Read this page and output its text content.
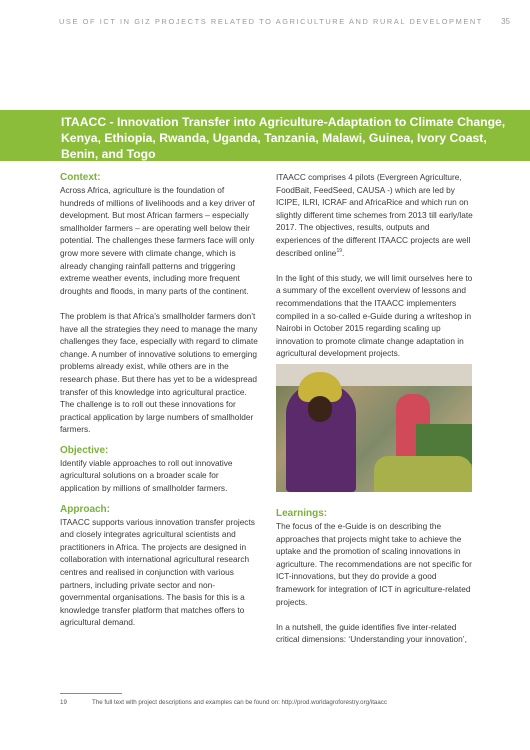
USE OF ICT IN GIZ PROJECTS RELATED TO AGRICULTURE AND RURAL DEVELOPMENT 35
ITAACC - Innovation Transfer into Agriculture-Adaptation to Climate Change, Kenya, Ethiopia, Rwanda, Uganda, Tanzania, Malawi, Guinea, Ivory Coast, Benin, and Togo
Context:

Across Africa, agriculture is the foundation of hundreds of millions of livelihoods and a key driver of development. But most African farmers – especially smallholder farmers – are operating well below their potential. The challenges these farmers face will only grow more severe with climate change, which is already changing rainfall patterns and triggering extreme weather events, including more frequent droughts and floods, in many parts of the continent.

The problem is that Africa’s smallholder farmers don’t have all the strategies they need to manage the many challenges they face, especially with regard to climate change. A number of innovative solutions to emerging problems already exist, while others are in the research phase. But there has yet to be a widespread transfer of this knowledge into agricultural practice. The challenge is to roll out these innovations for practical application by large numbers of smallholder farmers.

Objective:

Identify viable approaches to roll out innovative agricultural solutions on a broader scale for application by millions of smallholder farmers.

Approach:

ITAACC supports various innovation transfer projects and closely integrates agricultural scientists and practitioners in Africa. The projects are designed in collaboration with international agricultural research centres and realised in conjunction with various partners, including private sector and non-governmental organisations. The basis for this is a knowledge transfer platform that matches offers to agricultural demand.

ITAACC comprises 4 pilots (Evergreen Agriculture, FoodBait, FeedSeed, CAUSA -) which are led by ICIPE, ILRI, ICRAF and AfricaRice and which run on slightly different time schemes from 2013 till early/late 2017. The objectives, results, outputs and experiences of the different ITAACC projects are well described online$^{19}$.

In the light of this study, we will limit ourselves here to a summary of the excellent overview of lessons and recommendations that the ITAACC implementers compiled in a so-called e-Guide during a writeshop in Nairobi in October 2015 regarding scaling up innovation to promote climate change adaptation in agricultural development projects.

Learnings:

The focus of the e-Guide is on describing the approaches that projects might take to achieve the uptake and the promotion of scaling innovations in agriculture. The recommendations are not specific for ICT-innovations, but they do provide a good framework for integration of ICT in agriculture-related projects.

In a nutshell, the guide identifies five inter-related critical dimensions: ‘Understanding your innovation’,

19	The full text with project descriptions and examples can be found on: http://prod.worldagroforestry.org/itaacc
